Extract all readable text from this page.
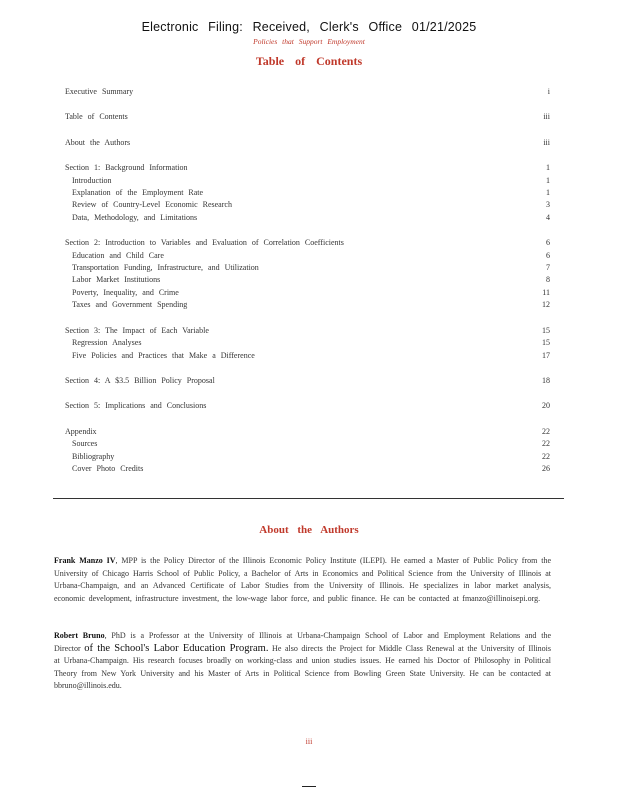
Electronic Filing: Received, Clerk's Office 01/21/2025
Policies that Support Employment
Table of Contents
Executive Summary	i
Table of Contents	iii
About the Authors	iii
Section 1: Background Information	1
Introduction	1
Explanation of the Employment Rate	1
Review of Country-Level Economic Research	3
Data, Methodology, and Limitations	4
Section 2: Introduction to Variables and Evaluation of Correlation Coefficients	6
Education and Child Care	6
Transportation Funding, Infrastructure, and Utilization	7
Labor Market Institutions	8
Poverty, Inequality, and Crime	11
Taxes and Government Spending	12
Section 3: The Impact of Each Variable	15
Regression Analyses	15
Five Policies and Practices that Make a Difference	17
Section 4: A $3.5 Billion Policy Proposal	18
Section 5: Implications and Conclusions	20
Appendix	22
Sources	22
Bibliography	22
Cover Photo Credits	26
About the Authors
Frank Manzo IV, MPP is the Policy Director of the Illinois Economic Policy Institute (ILEPI). He earned a Master of Public Policy from the University of Chicago Harris School of Public Policy, a Bachelor of Arts in Economics and Political Science from the University of Illinois at Urbana-Champaign, and an Advanced Certificate of Labor Studies from the University of Illinois. He specializes in labor market analysis, economic development, infrastructure investment, the low-wage labor force, and public finance. He can be contacted at fmanzo@illinoisepi.org.
Robert Bruno, PhD is a Professor at the University of Illinois at Urbana-Champaign School of Labor and Employment Relations and the Director of the School's Labor Education Program. He also directs the Project for Middle Class Renewal at the University of Illinois at Urbana-Champaign. His research focuses broadly on working-class and union studies issues. He earned his Doctor of Philosophy in Political Theory from New York University and his Master of Arts in Political Science from Bowling Green State University. He can be contacted at bbruno@illinois.edu.
iii
